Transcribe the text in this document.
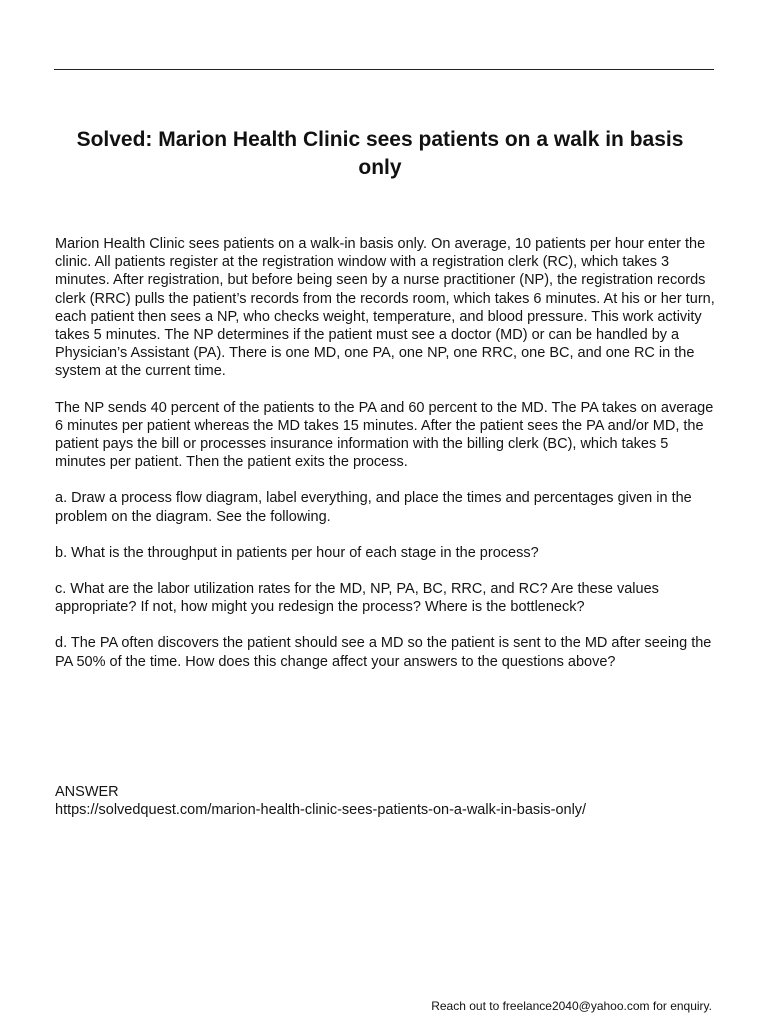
Solved: Marion Health Clinic sees patients on a walk in basis only

Marion Health Clinic sees patients on a walk-in basis only. On average, 10 patients per hour enter the clinic. All patients register at the registration window with a registration clerk (RC), which takes 3 minutes. After registration, but before being seen by a nurse practitioner (NP), the registration records clerk (RRC) pulls the patient’s records from the records room, which takes 6 minutes. At his or her turn, each patient then sees a NP, who checks weight, temperature, and blood pressure. This work activity takes 5 minutes. The NP determines if the patient must see a doctor (MD) or can be handled by a Physician’s Assistant (PA). There is one MD, one PA, one NP, one RRC, one BC, and one RC in the system at the current time.

The NP sends 40 percent of the patients to the PA and 60 percent to the MD. The PA takes on average 6 minutes per patient whereas the MD takes 15 minutes. After the patient sees the PA and/or MD, the patient pays the bill or processes insurance information with the billing clerk (BC), which takes 5 minutes per patient. Then the patient exits the process.

a. Draw a process flow diagram, label everything, and place the times and percentages given in the problem on the diagram. See the following.

b. What is the throughput in patients per hour of each stage in the process?

c. What are the labor utilization rates for the MD, NP, PA, BC, RRC, and RC? Are these values appropriate? If not, how might you redesign the process? Where is the bottleneck?

d. The PA often discovers the patient should see a MD so the patient is sent to the MD after seeing the PA 50% of the time. How does this change affect your answers to the questions above?

ANSWER
https://solvedquest.com/marion-health-clinic-sees-patients-on-a-walk-in-basis-only/
Reach out to freelance2040@yahoo.com for enquiry.
